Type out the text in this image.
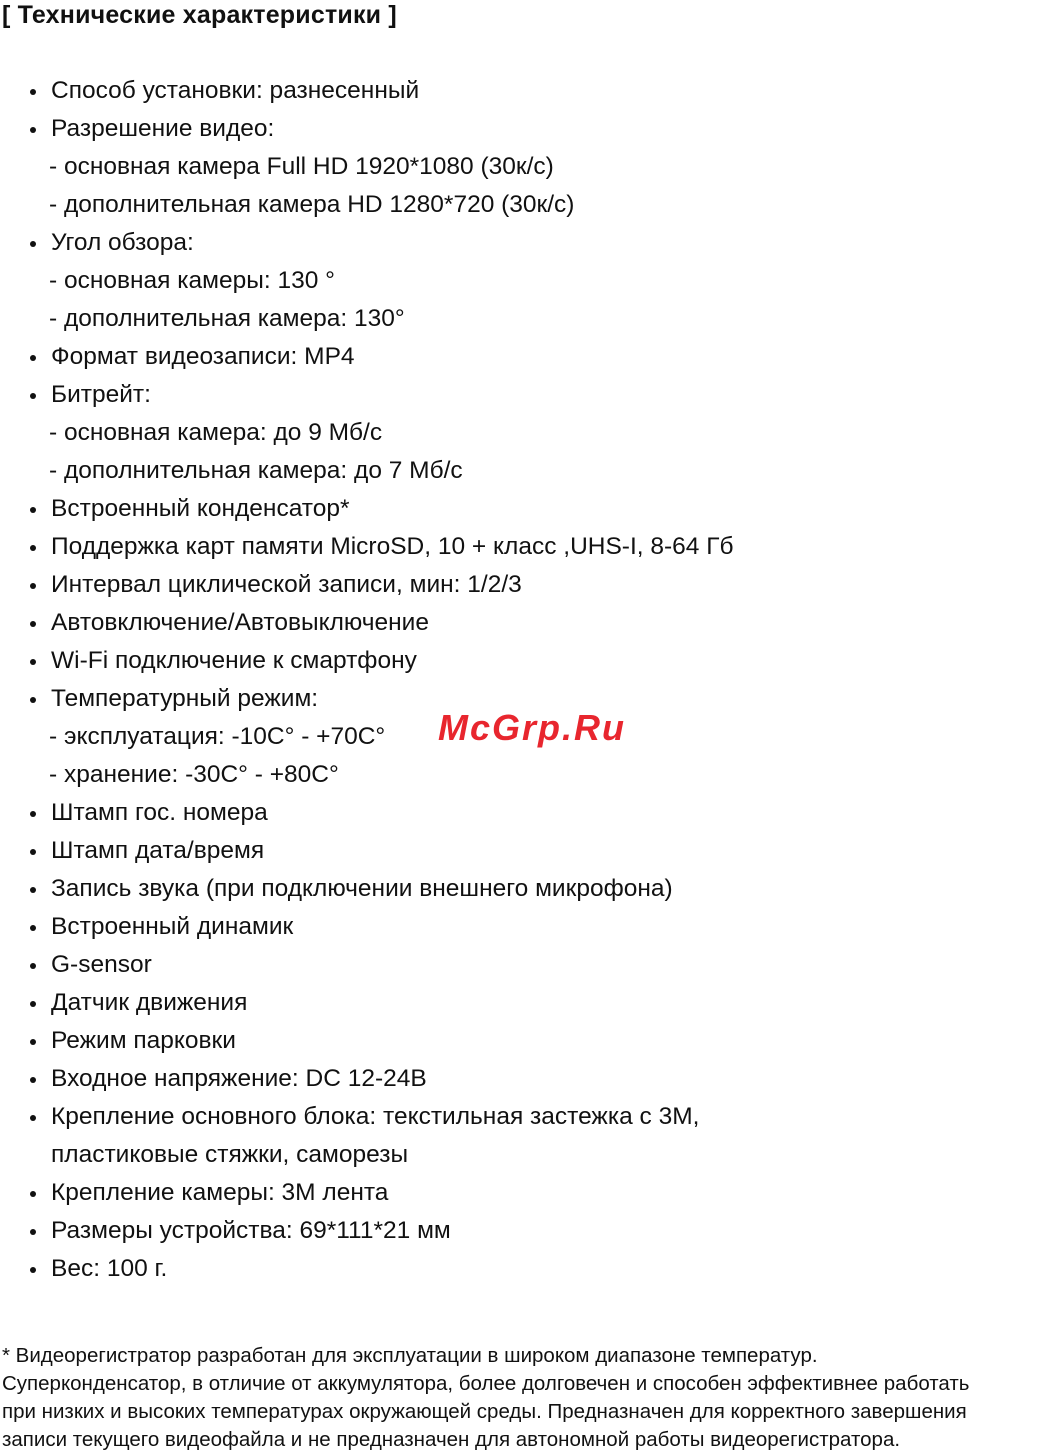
[ Технические характеристики ]
Способ установки: разнесенный
Разрешение видео:
- основная камера Full HD 1920*1080 (30к/с)
- дополнительная камера HD 1280*720 (30к/с)
Угол обзора:
- основная камеры: 130 °
- дополнительная камера: 130°
Формат видеозаписи: MP4
Битрейт:
- основная камера: до 9 Мб/с
- дополнительная камера: до 7 Мб/с
Встроенный конденсатор*
Поддержка карт памяти MicroSD, 10 + класс ,UHS-I, 8-64 Гб
Интервал циклической записи, мин: 1/2/3
Автовключение/Автовыключение
Wi-Fi подключение к смартфону
Температурный режим:
- эксплуатация: -10С° - +70С°
- хранение: -30С° - +80С°
Штамп гос. номера
Штамп дата/время
Запись звука (при подключении внешнего микрофона)
Встроенный динамик
G-sensor
Датчик движения
Режим парковки
Входное напряжение: DC 12-24B
Крепление основного блока: текстильная застежка с 3М,
пластиковые стяжки, саморезы
Крепление камеры: 3М лента
Размеры устройства: 69*111*21 мм
Вес: 100 г.
McGrp.Ru
* Видеорегистратор разработан для эксплуатации в широком диапазоне температур.
Суперконденсатор, в отличие от аккумулятора, более долговечен и способен эффективнее работать
при низких и высоких температурах окружающей среды. Предназначен для корректного завершения
записи текущего видеофайла и не предназначен для автономной работы видеорегистратора.
